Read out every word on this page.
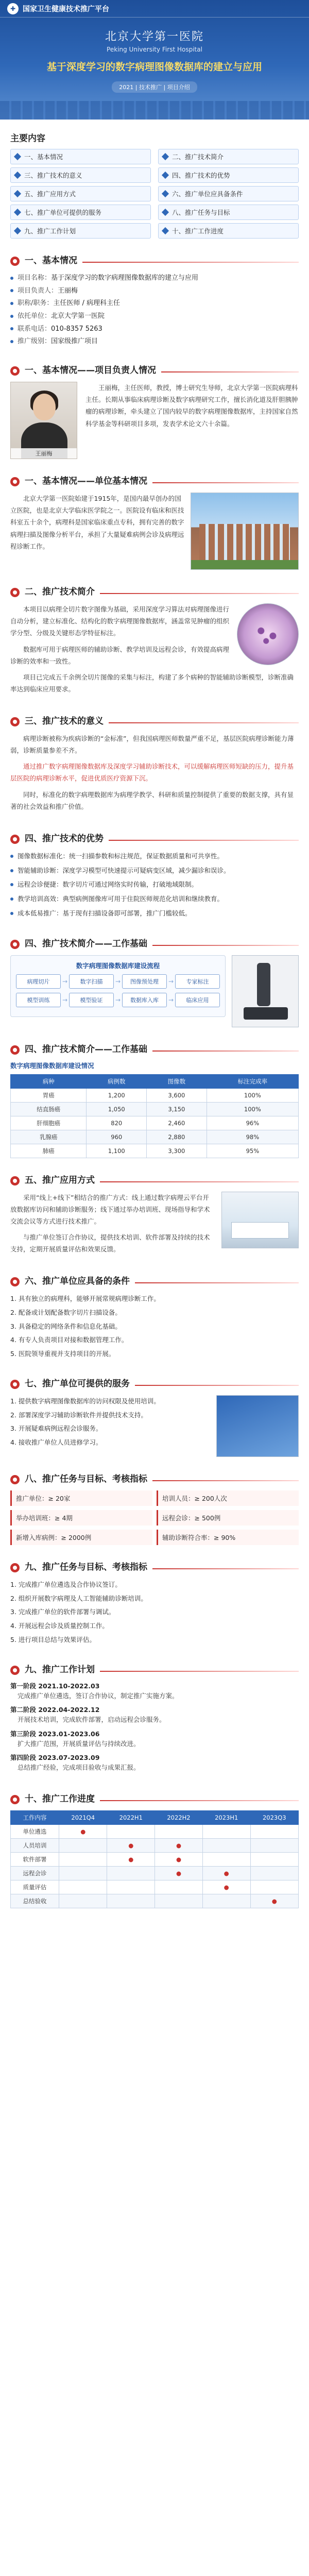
✚ 国家卫生健康技术推广平台
北京大学第一医院
Peking University First Hospital
基于深度学习的数字病理图像数据库的建立与应用
2021 | 技术推广 | 项目介绍
主要内容
一、基本情况	二、推广技术简介
三、推广技术的意义	四、推广技术的优势
五、推广应用方式	六、推广单位应具备条件
七、推广单位可提供的服务	八、推广任务与目标
九、推广工作计划	十、推广工作进度
一、基本情况
项目名称：基于深度学习的数字病理图像数据库的建立与应用
项目负责人：王丽梅
职称/职务：主任医师 / 病理科主任
依托单位：北京大学第一医院
联系电话：010-8357 5263
推广级别：国家级推广项目
一、基本情况——项目负责人情况
王丽梅
王丽梅，主任医师，教授，博士研究生导师，北京大学第一医院病理科主任。长期从事临床病理诊断及数字病理研究工作，擅长消化道及肝胆胰肿瘤的病理诊断，牵头建立了国内较早的数字病理图像数据库，主持国家自然科学基金等科研项目多项，发表学术论文六十余篇。
一、基本情况——单位基本情况
北京大学第一医院始建于1915年，是国内最早创办的国立医院，也是北京大学临床医学院之一。医院设有临床和医技科室五十余个，病理科是国家临床重点专科，拥有完善的数字病理扫描及图像分析平台，承担了大量疑难病例会诊及病理远程诊断工作。
二、推广技术简介
本项目以病理全切片数字图像为基础，采用深度学习算法对病理图像进行自动分析，建立标准化、结构化的数字病理图像数据库，涵盖常见肿瘤的组织学分型、分级及关键形态学特征标注。
数据库可用于病理医师的辅助诊断、教学培训及远程会诊，有效提高病理诊断的效率和一致性。
项目已完成五千余例全切片图像的采集与标注，构建了多个病种的智能辅助诊断模型，诊断准确率达到临床应用要求。
三、推广技术的意义
病理诊断被称为疾病诊断的“金标准”，但我国病理医师数量严重不足，基层医院病理诊断能力薄弱，诊断质量参差不齐。
通过推广数字病理图像数据库及深度学习辅助诊断技术，可以缓解病理医师短缺的压力，提升基层医院的病理诊断水平，促进优质医疗资源下沉。
同时，标准化的数字病理数据库为病理学教学、科研和质量控制提供了重要的数据支撑，具有显著的社会效益和推广价值。
四、推广技术的优势
图像数据标准化：统一扫描参数和标注规范，保证数据质量和可共享性。
智能辅助诊断：深度学习模型可快速提示可疑病变区域，减少漏诊和误诊。
远程会诊便捷：数字切片可通过网络实时传输，打破地域限制。
教学培训高效：典型病例图像库可用于住院医师规范化培训和继续教育。
成本低易推广：基于现有扫描设备即可部署，推广门槛较低。
四、推广技术简介——工作基础
数字病理图像数据库建设流程
病理切片	→	数字扫描	→	图像预处理	→	专家标注
模型训练	→	模型验证	→	数据库入库	→	临床应用
四、推广技术简介——工作基础
数字病理图像数据库建设情况
病种	病例数	图像数	标注完成率
胃癌	1,200	3,600	100%
结直肠癌	1,050	3,150	100%
肝细胞癌	820	2,460	96%
乳腺癌	960	2,880	98%
肺癌	1,100	3,300	95%
五、推广应用方式
采用“线上+线下”相结合的推广方式：线上通过数字病理云平台开放数据库访问和辅助诊断服务；线下通过举办培训班、现场指导和学术交流会议等方式进行技术推广。
与推广单位签订合作协议，提供技术培训、软件部署及持续的技术支持，定期开展质量评估和效果反馈。
六、推广单位应具备的条件
1. 具有独立的病理科，能够开展常规病理诊断工作。
2. 配备或计划配备数字切片扫描设备。
3. 具备稳定的网络条件和信息化基础。
4. 有专人负责项目对接和数据管理工作。
5. 医院领导重视并支持项目的开展。
七、推广单位可提供的服务
1. 提供数字病理图像数据库的访问权限及使用培训。
2. 部署深度学习辅助诊断软件并提供技术支持。
3. 开展疑难病例远程会诊服务。
4. 接收推广单位人员进修学习。
八、推广任务与目标、考核指标
推广单位：≥ 20家	培训人员：≥ 200人次
举办培训班：≥ 4期	远程会诊：≥ 500例
新增入库病例：≥ 2000例	辅助诊断符合率：≥ 90%
九、推广任务与目标、考核指标
1. 完成推广单位遴选及合作协议签订。
2. 组织开展数字病理及人工智能辅助诊断培训。
3. 完成推广单位的软件部署与调试。
4. 开展远程会诊及质量控制工作。
5. 进行项目总结与效果评估。
九、推广工作计划
第一阶段 2021.10-2022.03
完成推广单位遴选，签订合作协议，制定推广实施方案。
第二阶段 2022.04-2022.12
开展技术培训，完成软件部署，启动远程会诊服务。
第三阶段 2023.01-2023.06
扩大推广范围，开展质量评估与持续改进。
第四阶段 2023.07-2023.09
总结推广经验，完成项目验收与成果汇报。
十、推广工作进度
工作内容	2021Q4	2022H1	2022H2	2023H1	2023Q3
单位遴选	●				
人员培训		●	●		
软件部署		●	●		
远程会诊			●	●	
质量评估				●	
总结验收					●
